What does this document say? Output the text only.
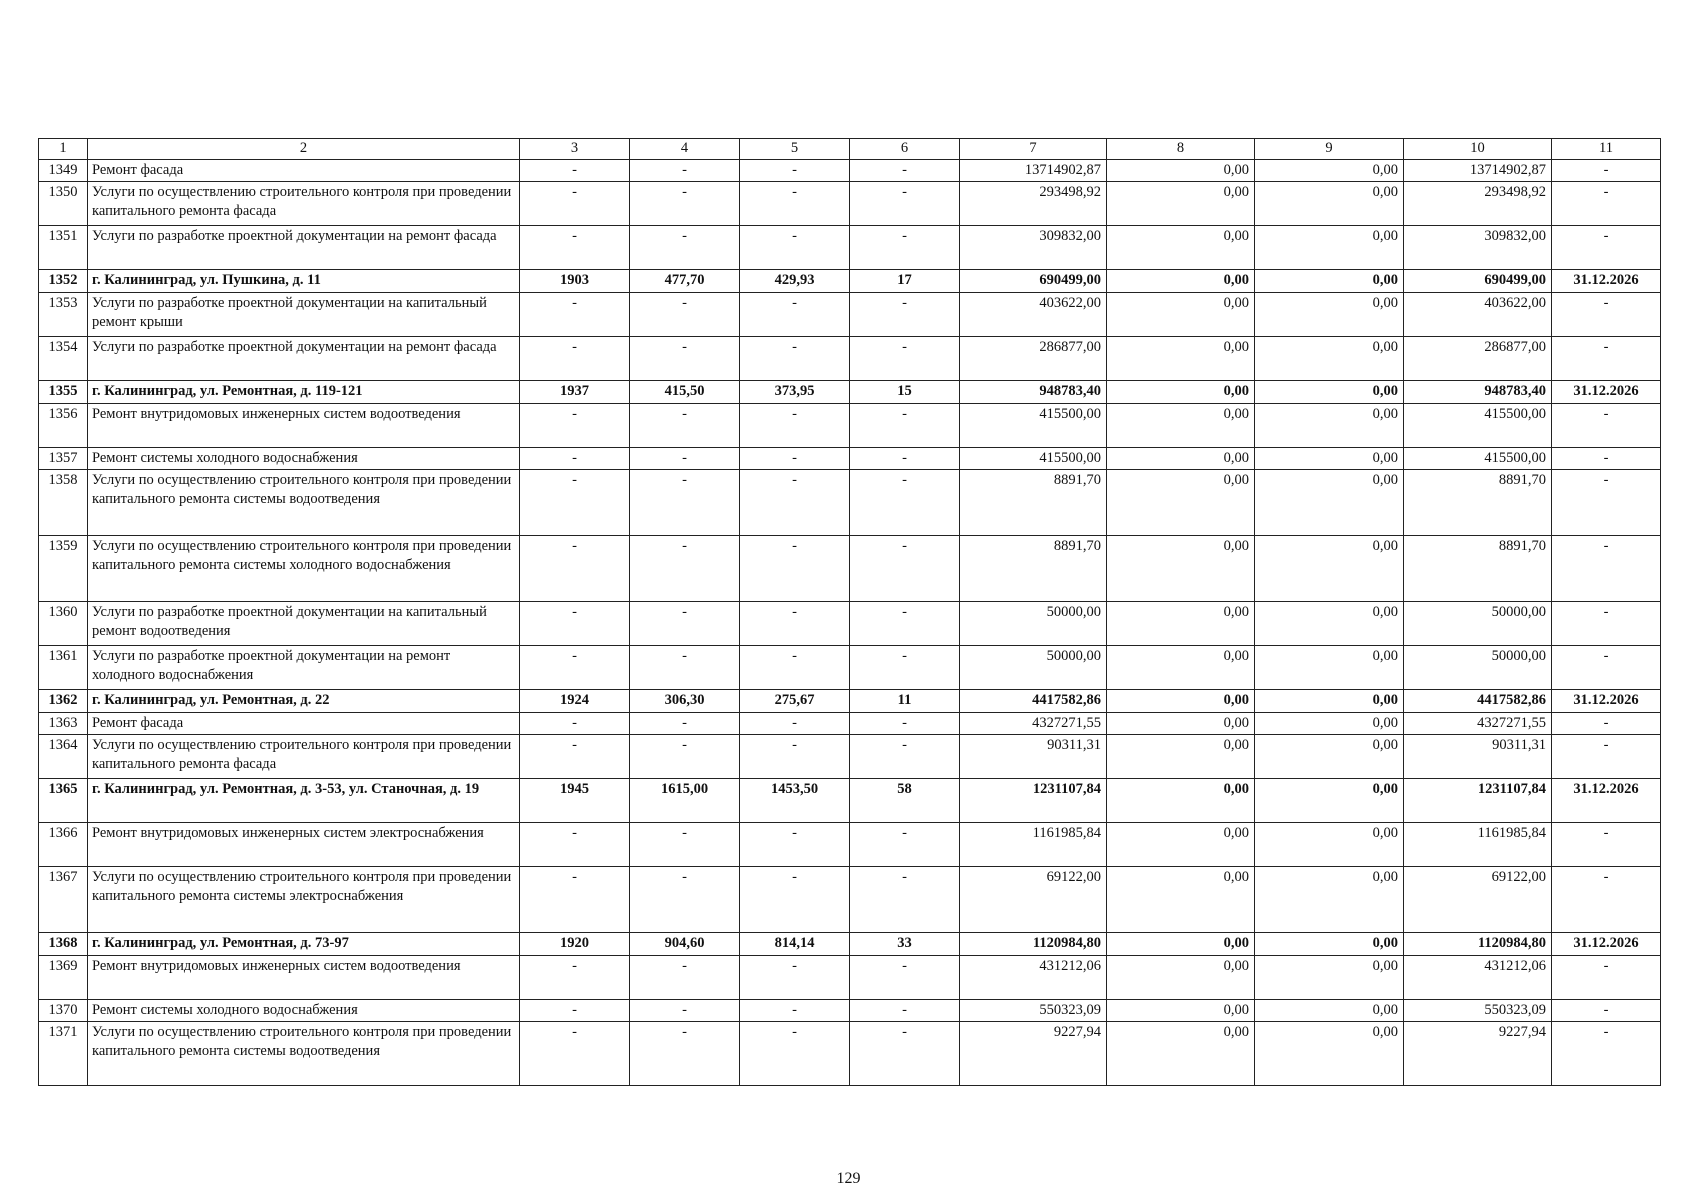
1	2	3	4	5	6	7	8	9	10	11
1349	Ремонт фасада	-	-	-	-	13714902,87	0,00	0,00	13714902,87	-
1350	Услуги по осуществлению строительного контроля при проведении капитального ремонта фасада	-	-	-	-	293498,92	0,00	0,00	293498,92	-
1351	Услуги по разработке проектной документации на ремонт фасада	-	-	-	-	309832,00	0,00	0,00	309832,00	-
1352	г. Калининград, ул. Пушкина, д. 11	1903	477,70	429,93	17	690499,00	0,00	0,00	690499,00	31.12.2026
1353	Услуги по разработке проектной документации на капитальный ремонт крыши	-	-	-	-	403622,00	0,00	0,00	403622,00	-
1354	Услуги по разработке проектной документации на ремонт фасада	-	-	-	-	286877,00	0,00	0,00	286877,00	-
1355	г. Калининград, ул. Ремонтная, д. 119-121	1937	415,50	373,95	15	948783,40	0,00	0,00	948783,40	31.12.2026
1356	Ремонт внутридомовых инженерных систем водоотведения	-	-	-	-	415500,00	0,00	0,00	415500,00	-
1357	Ремонт системы холодного водоснабжения	-	-	-	-	415500,00	0,00	0,00	415500,00	-
1358	Услуги по осуществлению строительного контроля при проведении капитального ремонта системы водоотведения	-	-	-	-	8891,70	0,00	0,00	8891,70	-
1359	Услуги по осуществлению строительного контроля при проведении капитального ремонта системы холодного водоснабжения	-	-	-	-	8891,70	0,00	0,00	8891,70	-
1360	Услуги по разработке проектной документации на капитальный ремонт водоотведения	-	-	-	-	50000,00	0,00	0,00	50000,00	-
1361	Услуги по разработке проектной документации на ремонт холодного водоснабжения	-	-	-	-	50000,00	0,00	0,00	50000,00	-
1362	г. Калининград, ул. Ремонтная, д. 22	1924	306,30	275,67	11	4417582,86	0,00	0,00	4417582,86	31.12.2026
1363	Ремонт фасада	-	-	-	-	4327271,55	0,00	0,00	4327271,55	-
1364	Услуги по осуществлению строительного контроля при проведении капитального ремонта фасада	-	-	-	-	90311,31	0,00	0,00	90311,31	-
1365	г. Калининград, ул. Ремонтная, д. 3-53, ул. Станочная, д. 19	1945	1615,00	1453,50	58	1231107,84	0,00	0,00	1231107,84	31.12.2026
1366	Ремонт внутридомовых инженерных систем электроснабжения	-	-	-	-	1161985,84	0,00	0,00	1161985,84	-
1367	Услуги по осуществлению строительного контроля при проведении капитального ремонта системы электроснабжения	-	-	-	-	69122,00	0,00	0,00	69122,00	-
1368	г. Калининград, ул. Ремонтная, д. 73-97	1920	904,60	814,14	33	1120984,80	0,00	0,00	1120984,80	31.12.2026
1369	Ремонт внутридомовых инженерных систем водоотведения	-	-	-	-	431212,06	0,00	0,00	431212,06	-
1370	Ремонт системы холодного водоснабжения	-	-	-	-	550323,09	0,00	0,00	550323,09	-
1371	Услуги по осуществлению строительного контроля при проведении капитального ремонта системы водоотведения	-	-	-	-	9227,94	0,00	0,00	9227,94	-
129
